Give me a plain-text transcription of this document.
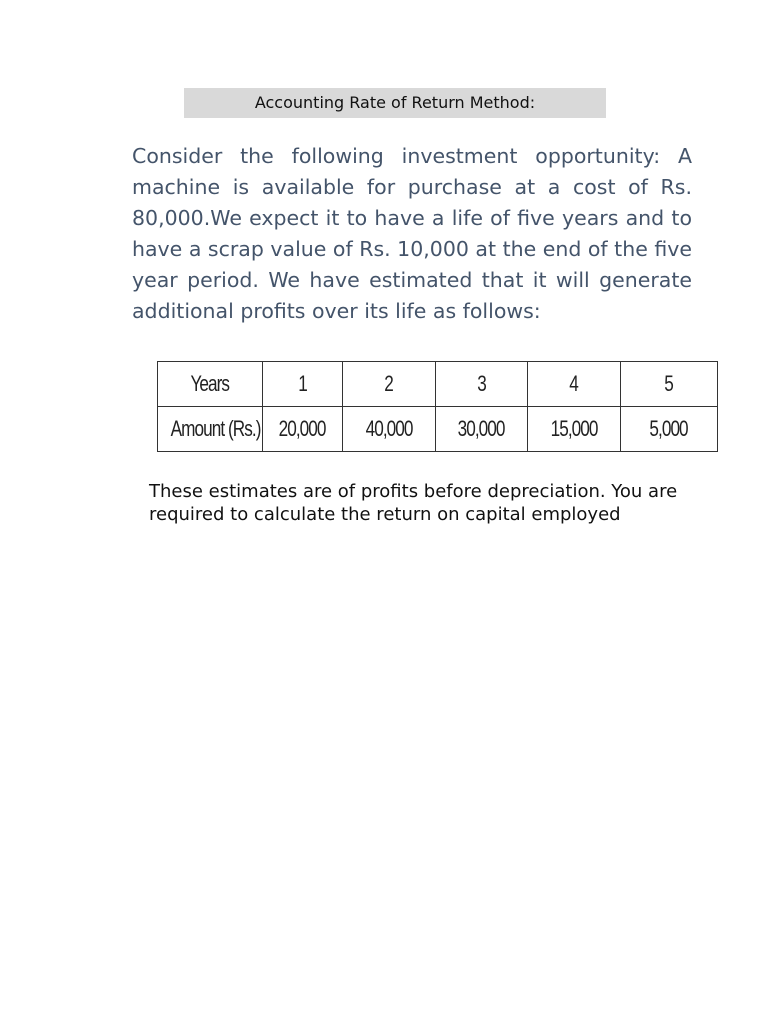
Accounting Rate of Return Method:

Consider the following investment opportunity: A machine is available for purchase at a cost of Rs. 80,000.We expect it to have a life of five years and to have a scrap value of Rs. 10,000 at the end of the five year period. We have estimated that it will generate additional profits over its life as follows:

Years	1	2	3	4	5
Amount (Rs.)	20,000	40,000	30,000	15,000	5,000

These estimates are of profits before depreciation. You are required to calculate the return on capital employed
